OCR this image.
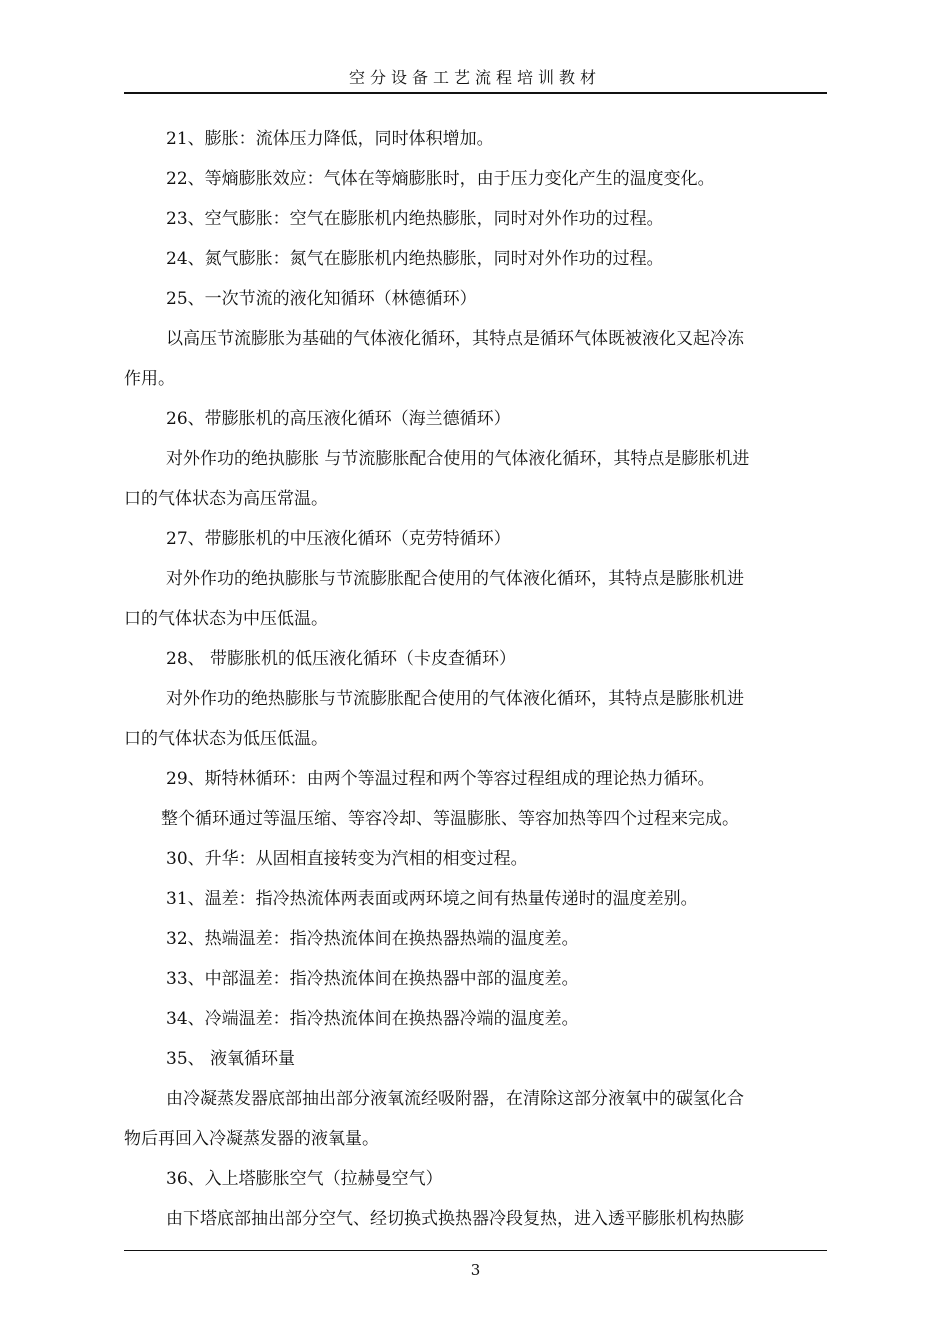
空分设备工艺流程培训教材
21、膨胀：流体压力降低，同时体积增加。
22、等熵膨胀效应：气体在等熵膨胀时，由于压力变化产生的温度变化。
23、空气膨胀：空气在膨胀机内绝热膨胀，同时对外作功的过程。
24、氮气膨胀：氮气在膨胀机内绝热膨胀，同时对外作功的过程。
25、一次节流的液化知循环（林德循环）
以高压节流膨胀为基础的气体液化循环，其特点是循环气体既被液化又起冷冻
作用。
26、带膨胀机的高压液化循环（海兰德循环）
对外作功的绝执膨胀 与节流膨胀配合使用的气体液化循环，其特点是膨胀机进
口的气体状态为高压常温。
27、带膨胀机的中压液化循环（克劳特循环）
对外作功的绝执膨胀与节流膨胀配合使用的气体液化循环，其特点是膨胀机进
口的气体状态为中压低温。
28、 带膨胀机的低压液化循环（卡皮查循环）
对外作功的绝热膨胀与节流膨胀配合使用的气体液化循环，其特点是膨胀机进
口的气体状态为低压低温。
29、斯特林循环：由两个等温过程和两个等容过程组成的理论热力循环。
整个循环通过等温压缩、等容冷却、等温膨胀、等容加热等四个过程来完成。
30、升华：从固相直接转变为汽相的相变过程。
31、温差：指冷热流体两表面或两环境之间有热量传递时的温度差别。
32、热端温差：指冷热流体间在换热器热端的温度差。
33、中部温差：指冷热流体间在换热器中部的温度差。
34、冷端温差：指冷热流体间在换热器冷端的温度差。
35、 液氧循环量
由冷凝蒸发器底部抽出部分液氧流经吸附器，在清除这部分液氧中的碳氢化合
物后再回入冷凝蒸发器的液氧量。
36、入上塔膨胀空气（拉赫曼空气）
由下塔底部抽出部分空气、经切换式换热器冷段复热，进入透平膨胀机构热膨
3
